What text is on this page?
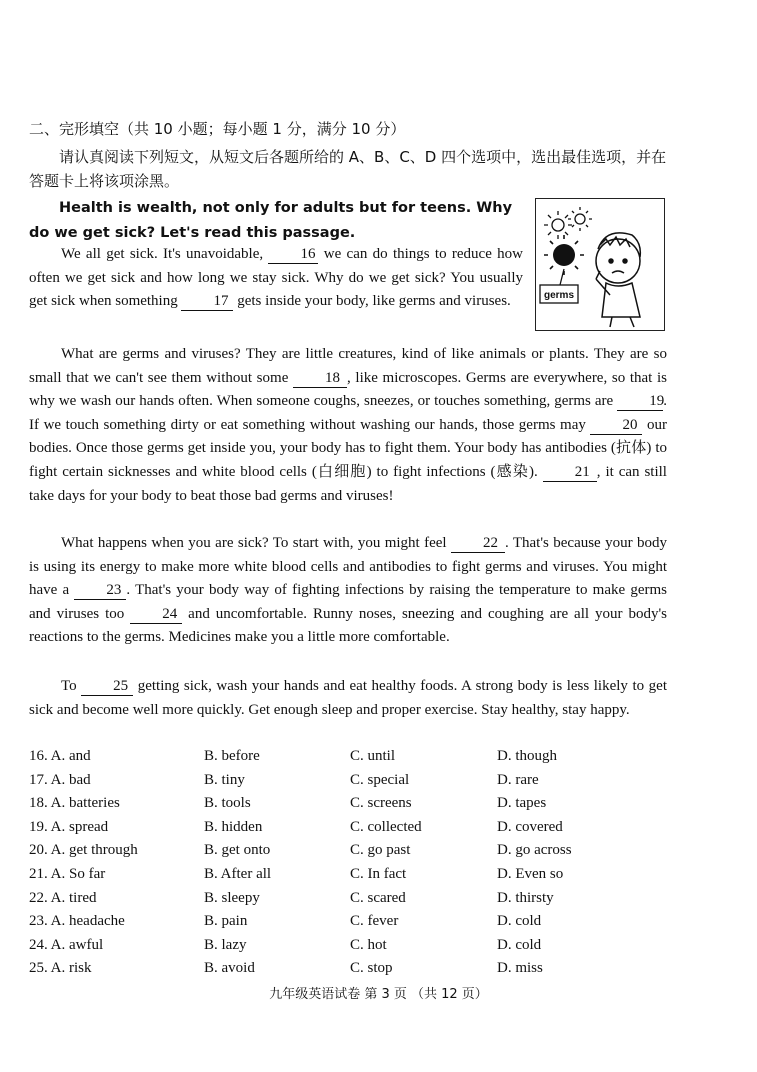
二、完形填空（共 10 小题；每小题 1 分，满分 10 分）
请认真阅读下列短文，从短文后各题所给的 A、B、C、D 四个选项中，选出最佳选项，并在答题卡上将该项涂黑。
Health is wealth, not only for adults but for teens. Why do we get sick? Let's read this passage.
germs
We all get sick. It's unavoidable, 16 we can do things to reduce how often we get sick and how long we stay sick. Why do we get sick? You usually get sick when something 17 gets inside your body, like germs and viruses.
What are germs and viruses? They are little creatures, kind of like animals or plants. They are so small that we can't see them without some 18 , like microscopes. Germs are everywhere, so that is why we wash our hands often. When someone coughs, sneezes, or touches something, germs are 19. If we touch something dirty or eat something without washing our hands, those germs may 20 our bodies. Once those germs get inside you, your body has to fight them. Your body has antibodies (抗体) to fight certain sicknesses and white blood cells (白细胞) to fight infections (感染). 21 , it can still take days for your body to beat those bad germs and viruses!
What happens when you are sick? To start with, you might feel 22 . That's because your body is using its energy to make more white blood cells and antibodies to fight germs and viruses. You might have a 23 . That's your body way of fighting infections by raising the temperature to make germs and viruses too 24 and uncomfortable. Runny noses, sneezing and coughing are all your body's reactions to the germs. Medicines make you a little more comfortable.
To 25 getting sick, wash your hands and eat healthy foods. A strong body is less likely to get sick and become well more quickly. Get enough sleep and proper exercise. Stay healthy, stay happy.
16. A. and	B. before	C. until	D. though
17. A. bad	B. tiny	C. special	D. rare
18. A. batteries	B. tools	C. screens	D. tapes
19. A. spread	B. hidden	C. collected	D. covered
20. A. get through	B. get onto	C. go past	D. go across
21. A. So far	B. After all	C. In fact	D. Even so
22. A. tired	B. sleepy	C. scared	D. thirsty
23. A. headache	B. pain	C. fever	D. cold
24. A. awful	B. lazy	C. hot	D. cold
25. A. risk	B. avoid	C. stop	D. miss
九年级英语试卷 第 3 页 （共 12 页）
